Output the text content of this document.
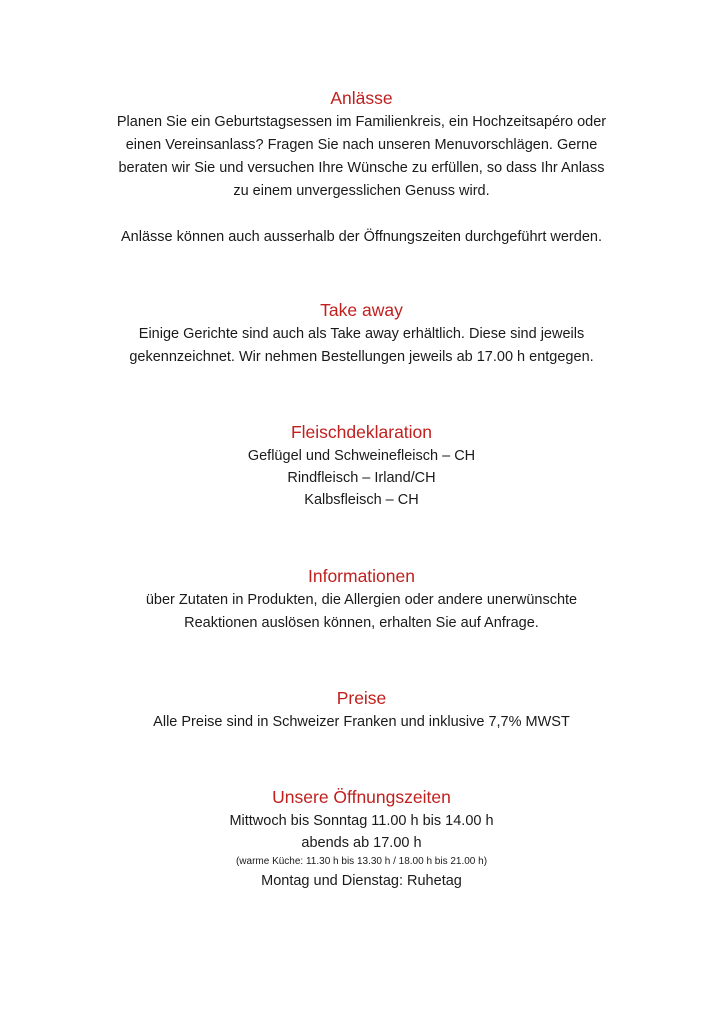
Anlässe

Planen Sie ein Geburtstagsessen im Familienkreis, ein Hochzeitsapéro oder
einen Vereinsanlass? Fragen Sie nach unseren Menuvorschlägen. Gerne
beraten wir Sie und versuchen Ihre Wünsche zu erfüllen, so dass Ihr Anlass
zu einem unvergesslichen Genuss wird.

Anlässe können auch ausserhalb der Öffnungszeiten durchgeführt werden.

Take away

Einige Gerichte sind auch als Take away erhältlich. Diese sind jeweils
gekennzeichnet. Wir nehmen Bestellungen jeweils ab 17.00 h entgegen.

Fleischdeklaration

Geflügel und Schweinefleisch – CH

Rindfleisch – Irland/CH

Kalbsfleisch – CH

Informationen

über Zutaten in Produkten, die Allergien oder andere unerwünschte
Reaktionen auslösen können, erhalten Sie auf Anfrage.

Preise

Alle Preise sind in Schweizer Franken und inklusive 7,7% MWST

Unsere Öffnungszeiten

Mittwoch bis Sonntag 11.00 h bis 14.00 h

abends ab 17.00 h

(warme Küche: 11.30 h bis 13.30 h / 18.00 h bis 21.00 h)

Montag und Dienstag: Ruhetag
